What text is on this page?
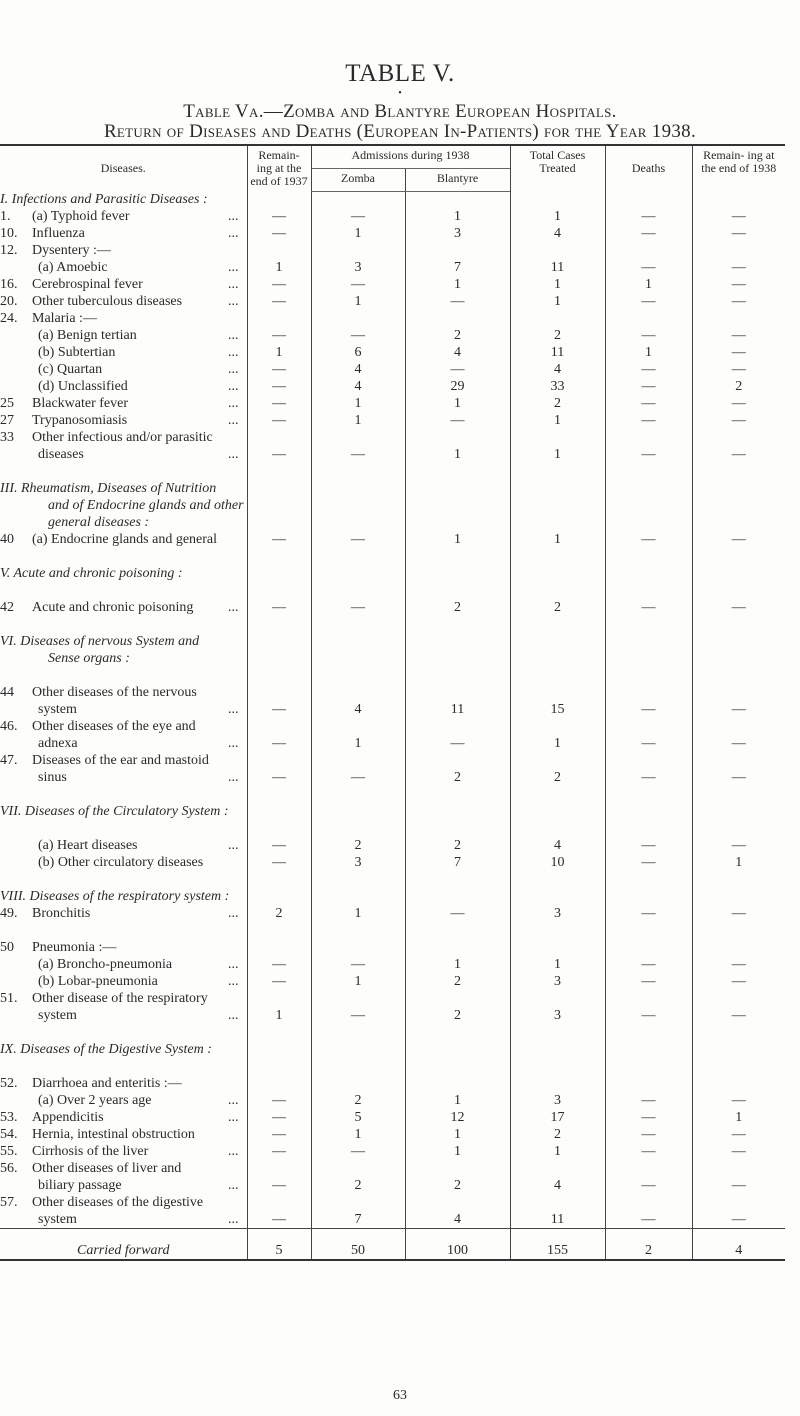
TABLE V.
•
Table Va.—Zomba and Blantyre European Hospitals.
Return of Diseases and Deaths (European In-Patients) for the Year 1938.
Diseases.	Remain- ing at the end of 1937	Admissions during 1938		Total Cases Treated	Deaths	Remain- ing at the end of 1938
		Zomba	Blantyre			

I. Infections and Parasitic Diseases :						

1. (a) Typhoid fever ...	—	—	1	1	—	—

10. Influenza ...	—	1	3	4	—	—

12. Dysentery :—						

(a) Amoebic ...	1	3	7	11	—	—

16. Cerebrospinal fever ...	—	—	1	1	1	—

20. Other tuberculous diseases ...	—	1	—	1	—	—

24. Malaria :—						

(a) Benign tertian ...	—	—	2	2	—	—

(b) Subtertian ...	1	6	4	11	1	—

(c) Quartan ...	—	4	—	4	—	—

(d) Unclassified ...	—	4	29	33	—	2

25 Blackwater fever ...	—	1	1	2	—	—

27 Trypanosomiasis ...	—	1	—	1	—	—

33 Other infectious and/or parasitic						

diseases ...	—	—	1	1	—	—

III. Rheumatism, Diseases of Nutrition						

and of Endocrine glands and other						

general diseases :						

40 (a) Endocrine glands and general	—	—	1	1	—	—

V. Acute and chronic poisoning :						

42 Acute and chronic poisoning ...	—	—	2	2	—	—

VI. Diseases of nervous System and						

Sense organs :						

44 Other diseases of the nervous						

system ...	—	4	11	15	—	—

46. Other diseases of the eye and						

adnexa ...	—	1	—	1	—	—

47. Diseases of the ear and mastoid						

sinus ...	—	—	2	2	—	—

VII. Diseases of the Circulatory System :						

(a) Heart diseases ...	—	2	2	4	—	—

(b) Other circulatory diseases	—	3	7	10	—	1

VIII. Diseases of the respiratory system :						

49. Bronchitis ...	2	1	—	3	—	—

50 Pneumonia :—						

(a) Broncho-pneumonia ...	—	—	1	1	—	—

(b) Lobar-pneumonia ...	—	1	2	3	—	—

51. Other disease of the respiratory						

system ...	1	—	2	3	—	—

IX. Diseases of the Digestive System :						

52. Diarrhoea and enteritis :—						

(a) Over 2 years age ...	—	2	1	3	—	—

53. Appendicitis ...	—	5	12	17	—	1

54. Hernia, intestinal obstruction	—	1	1	2	—	—

55. Cirrhosis of the liver ...	—	—	1	1	—	—

56. Other diseases of liver and						

biliary passage ...	—	2	2	4	—	—

57. Other diseases of the digestive						

system ...	—	7	4	11	—	—
Carried forward	5	50	100	155	2	4
63
